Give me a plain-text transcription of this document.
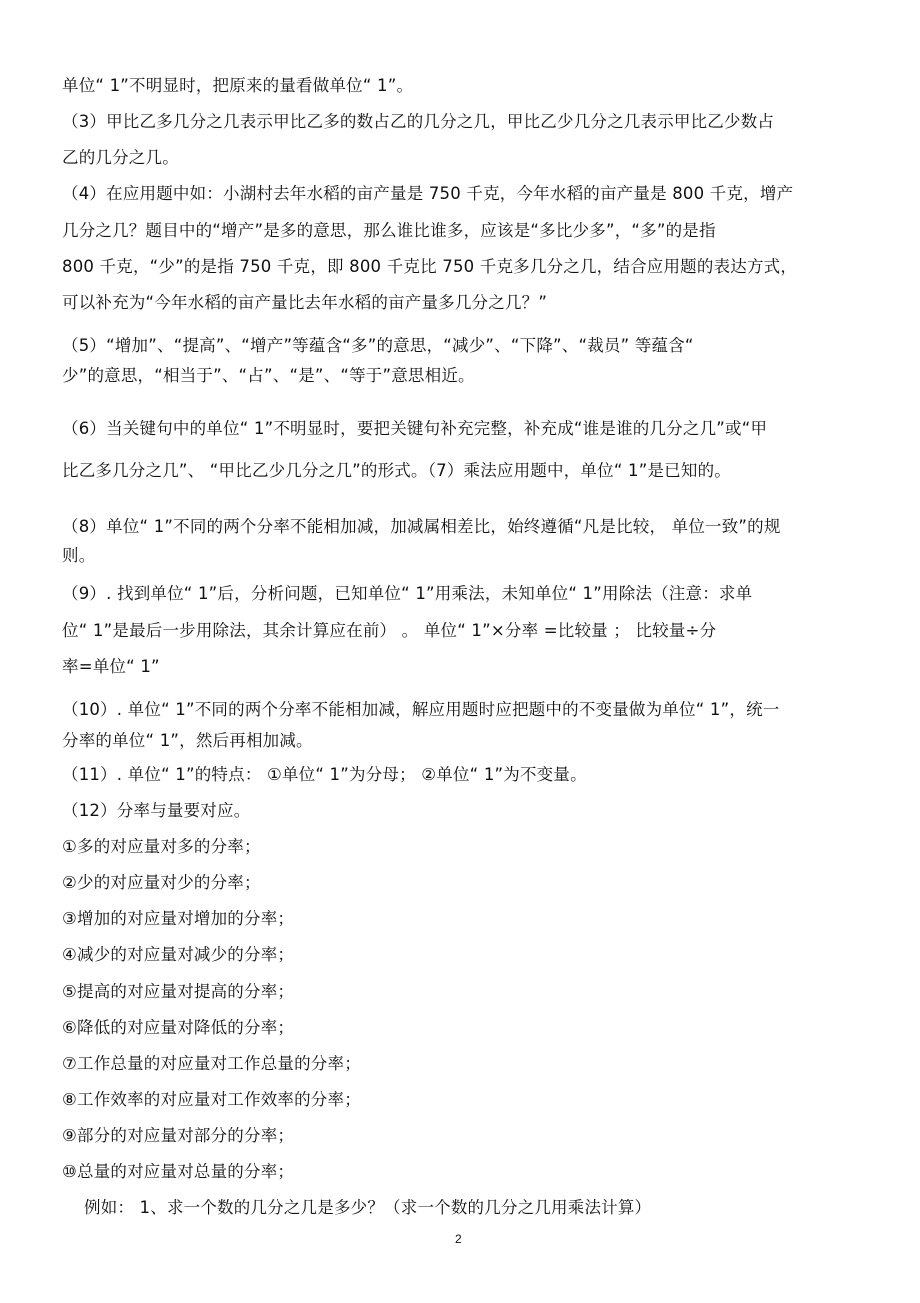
单位“ 1”不明显时，把原来的量看做单位“ 1”。
（3）甲比乙多几分之几表示甲比乙多的数占乙的几分之几，甲比乙少几分之几表示甲比乙少数占
乙的几分之几。
（4）在应用题中如：小湖村去年水稻的亩产量是 750 千克，今年水稻的亩产量是 800 千克，增产
几分之几？题目中的“增产”是多的意思，那么谁比谁多，应该是“多比少多”，“多”的是指
800 千克，“少”的是指 750 千克，即 800 千克比 750 千克多几分之几，结合应用题的表达方式，
可以补充为“今年水稻的亩产量比去年水稻的亩产量多几分之几？”
（5）“增加”、“提高”、“增产”等蕴含“多”的意思，“减少”、“下降”、“裁员” 等蕴含“
少”的意思，“相当于”、“占”、“是”、“等于”意思相近。
（6）当关键句中的单位“ 1”不明显时，要把关键句补充完整，补充成“谁是谁的几分之几”或“甲
比乙多几分之几”、 “甲比乙少几分之几”的形式。（7）乘法应用题中，单位“ 1”是已知的。
（8）单位“ 1”不同的两个分率不能相加减，加减属相差比，始终遵循“凡是比较， 单位一致”的规
则。
（9）. 找到单位“ 1”后，分析问题，已知单位“ 1”用乘法，未知单位“ 1”用除法（注意：求单
位“ 1”是最后一步用除法，其余计算应在前） 。 单位“ 1”×分率 =比较量 ； 比较量÷分
率=单位“ 1”
（10）. 单位“ 1”不同的两个分率不能相加减，解应用题时应把题中的不变量做为单位“ 1”，统一
分率的单位“ 1”，然后再相加减。
（11）. 单位“ 1”的特点： ①单位“ 1”为分母； ②单位“ 1”为不变量。
（12）分率与量要对应。
①多的对应量对多的分率；
②少的对应量对少的分率；
③增加的对应量对增加的分率；
④减少的对应量对减少的分率；
⑤提高的对应量对提高的分率；
⑥降低的对应量对降低的分率；
⑦工作总量的对应量对工作总量的分率；
⑧工作效率的对应量对工作效率的分率；
⑨部分的对应量对部分的分率；
⑩总量的对应量对总量的分率；
例如： 1、求一个数的几分之几是多少？（求一个数的几分之几用乘法计算）
2
